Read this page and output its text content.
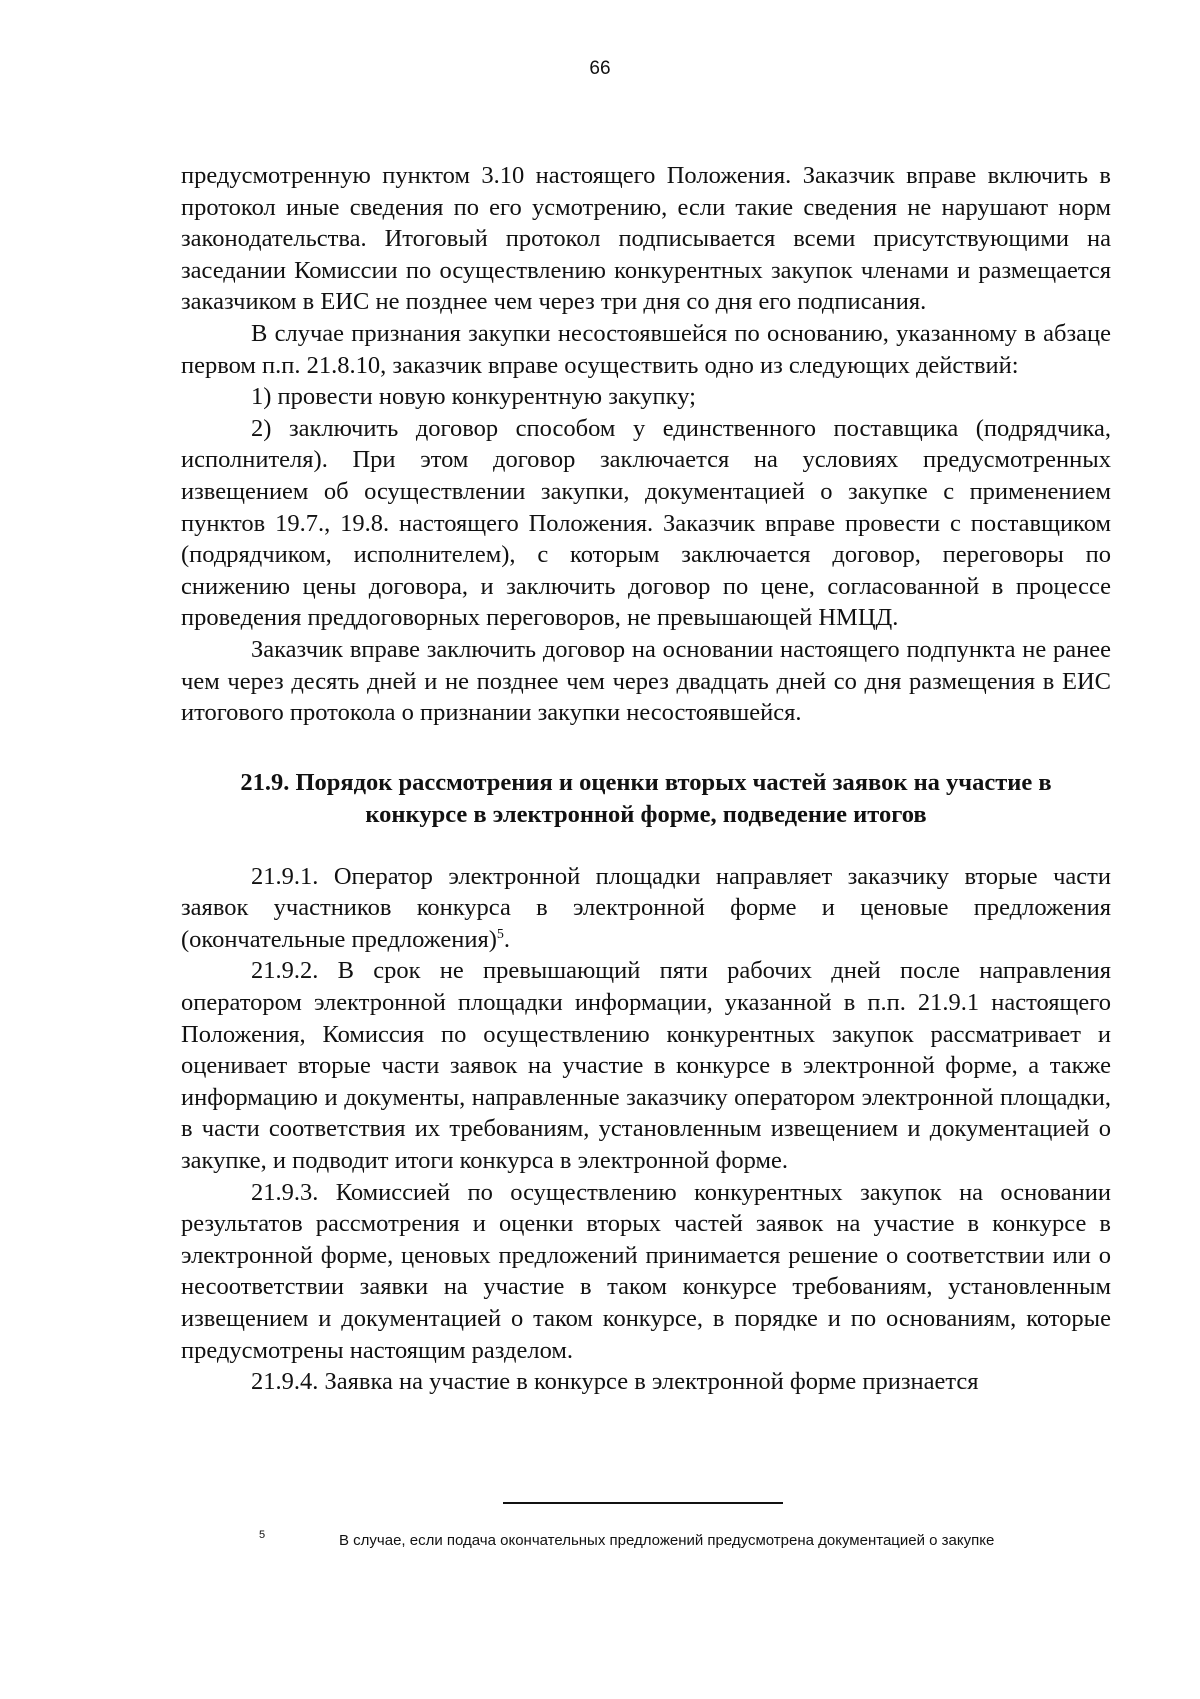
66

предусмотренную пунктом 3.10 настоящего Положения. Заказчик вправе включить в протокол иные сведения по его усмотрению, если такие сведения не нарушают норм законодательства. Итоговый протокол подписывается всеми присутствующими на заседании Комиссии по осуществлению конкурентных закупок членами и размещается заказчиком в ЕИС не позднее чем через три дня со дня его подписания.

В случае признания закупки несостоявшейся по основанию, указанному в абзаце первом п.п. 21.8.10, заказчик вправе осуществить одно из следующих действий:

1) провести новую конкурентную закупку;

2) заключить договор способом у единственного поставщика (подрядчика, исполнителя). При этом договор заключается на условиях предусмотренных извещением об осуществлении закупки, документацией о закупке с применением пунктов 19.7., 19.8. настоящего Положения. Заказчик вправе провести с поставщиком (подрядчиком, исполнителем), с которым заключается договор, переговоры по снижению цены договора, и заключить договор по цене, согласованной в процессе проведения преддоговорных переговоров, не превышающей НМЦД.

Заказчик вправе заключить договор на основании настоящего подпункта не ранее чем через десять дней и не позднее чем через двадцать дней со дня размещения в ЕИС итогового протокола о признании закупки несостоявшейся.

21.9. Порядок рассмотрения и оценки вторых частей заявок на участие в
конкурсе в электронной форме, подведение итогов

21.9.1. Оператор электронной площадки направляет заказчику вторые части заявок участников конкурса в электронной форме и ценовые предложения (окончательные предложения)$^5$.

21.9.2. В срок не превышающий пяти рабочих дней после направления оператором электронной площадки информации, указанной в п.п. 21.9.1 настоящего Положения, Комиссия по осуществлению конкурентных закупок рассматривает и оценивает вторые части заявок на участие в конкурсе в электронной форме, а также информацию и документы, направленные заказчику оператором электронной площадки, в части соответствия их требованиям, установленным извещением и документацией о закупке, и подводит итоги конкурса в электронной форме.

21.9.3. Комиссией по осуществлению конкурентных закупок на основании результатов рассмотрения и оценки вторых частей заявок на участие в конкурсе в электронной форме, ценовых предложений принимается решение о соответствии или о несоответствии заявки на участие в таком конкурсе требованиям, установленным извещением и документацией о таком конкурсе, в порядке и по основаниям, которые предусмотрены настоящим разделом.

21.9.4. Заявка на участие в конкурсе в электронной форме признается

5	В случае, если подача окончательных предложений предусмотрена документацией о закупке
